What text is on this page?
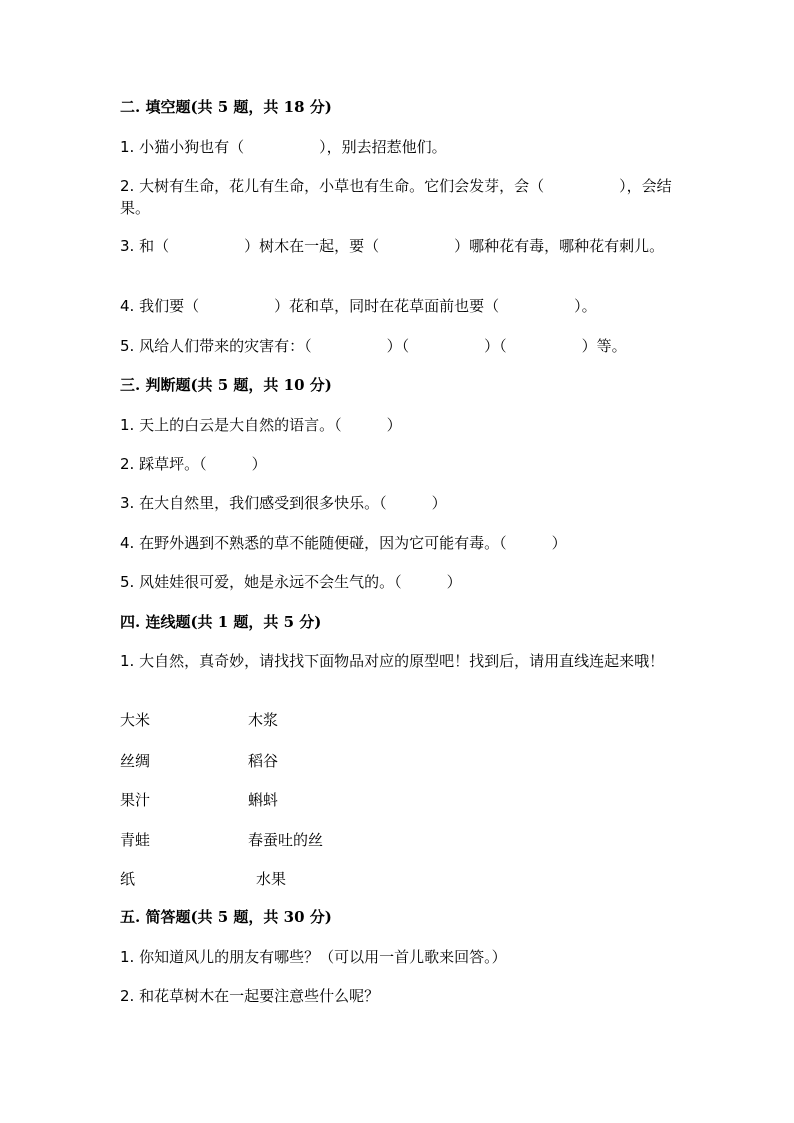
二. 填空题(共 5 题，共 18 分)
1. 小猫小狗也有（　　　　　），别去招惹他们。
2. 大树有生命，花儿有生命，小草也有生命。它们会发芽，会（　　　　　），会结果。
3. 和（　　　　　）树木在一起，要（　　　　　）哪种花有毒，哪种花有刺儿。
4. 我们要（　　　　　）花和草，同时在花草面前也要（　　　　　）。
5. 风给人们带来的灾害有：（　　　　　）（　　　　　）（　　　　　）等。
三. 判断题(共 5 题，共 10 分)
1. 天上的白云是大自然的语言。（　　　）
2. 踩草坪。（　　　）
3. 在大自然里，我们感受到很多快乐。（　　　）
4. 在野外遇到不熟悉的草不能随便碰，因为它可能有毒。（　　　）
5. 风娃娃很可爱，她是永远不会生气的。（　　　）
四. 连线题(共 1 题，共 5 分)
1. 大自然，真奇妙，请找找下面物品对应的原型吧！找到后，请用直线连起来哦！
大米	木浆
丝绸	稻谷
果汁	蝌蚪
青蛙	春蚕吐的丝
纸	水果
五. 简答题(共 5 题，共 30 分)
1. 你知道风儿的朋友有哪些？（可以用一首儿歌来回答。）
2. 和花草树木在一起要注意些什么呢？
